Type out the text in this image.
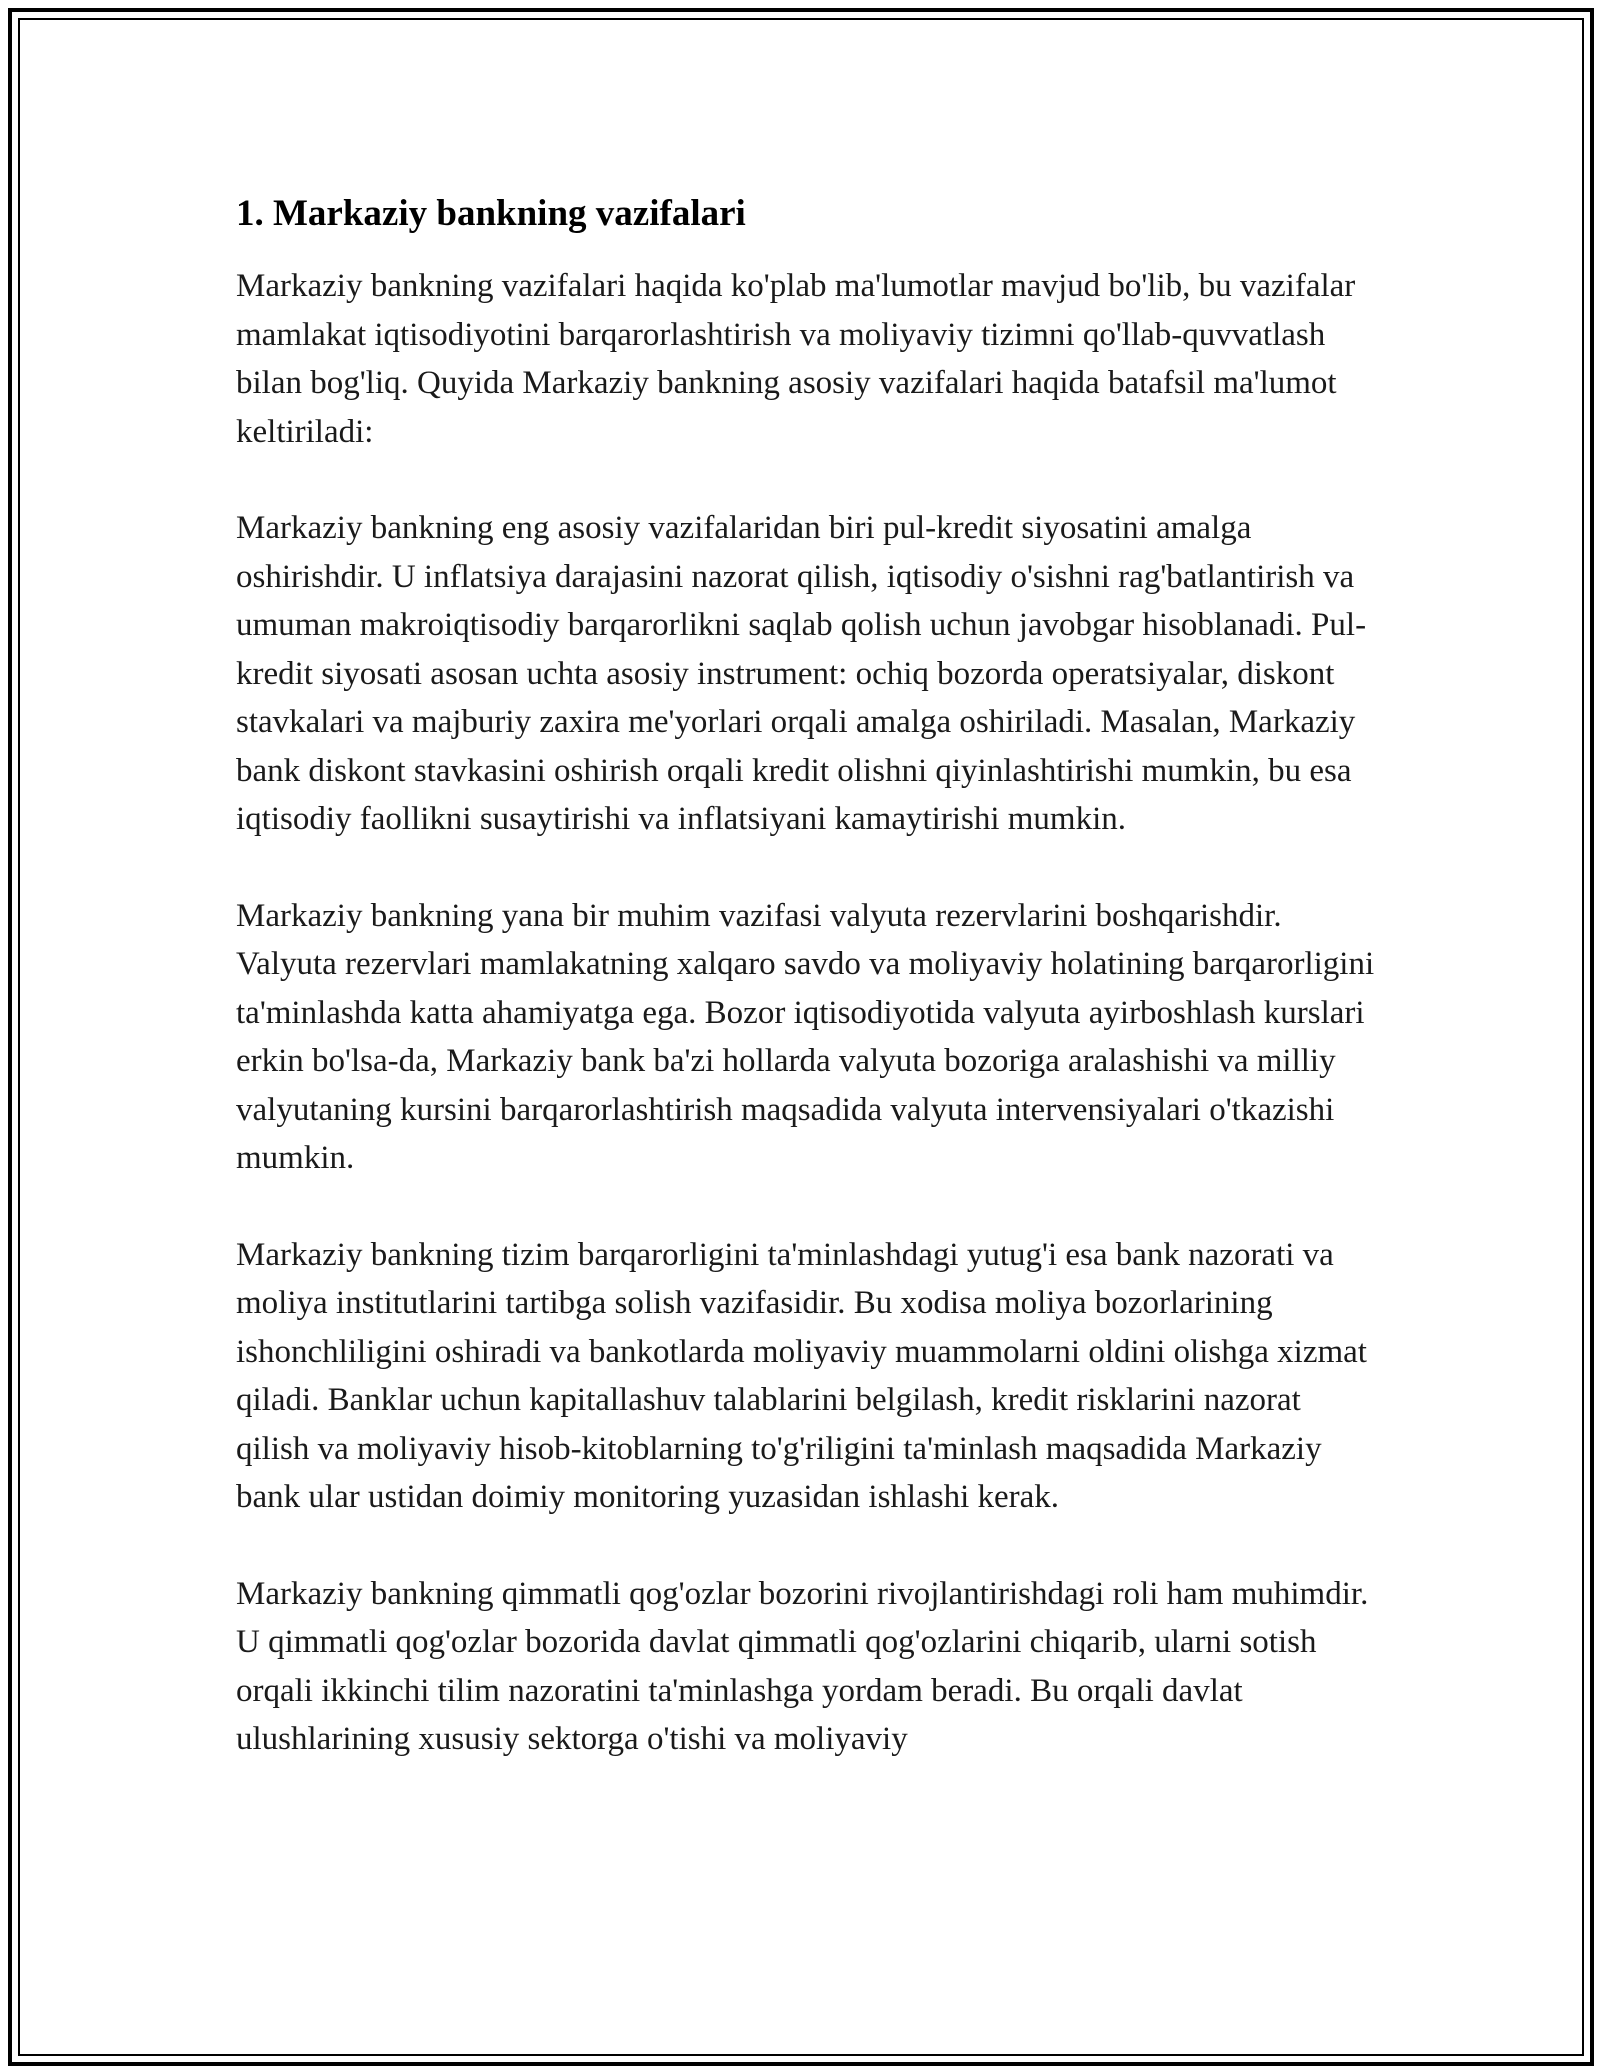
1. Markaziy bankning vazifalari

Markaziy bankning vazifalari haqida ko'plab ma'lumotlar mavjud bo'lib, bu vazifalar mamlakat iqtisodiyotini barqarorlashtirish va moliyaviy tizimni qo'llab-quvvatlash bilan bog'liq. Quyida Markaziy bankning asosiy vazifalari haqida batafsil ma'lumot keltiriladi:

Markaziy bankning eng asosiy vazifalaridan biri pul-kredit siyosatini amalga oshirishdir. U inflatsiya darajasini nazorat qilish, iqtisodiy o'sishni rag'batlantirish va umuman makroiqtisodiy barqarorlikni saqlab qolish uchun javobgar hisoblanadi. Pul-kredit siyosati asosan uchta asosiy instrument: ochiq bozorda operatsiyalar, diskont stavkalari va majburiy zaxira me'yorlari orqali amalga oshiriladi. Masalan, Markaziy bank diskont stavkasini oshirish orqali kredit olishni qiyinlashtirishi mumkin, bu esa iqtisodiy faollikni susaytirishi va inflatsiyani kamaytirishi mumkin.

Markaziy bankning yana bir muhim vazifasi valyuta rezervlarini boshqarishdir. Valyuta rezervlari mamlakatning xalqaro savdo va moliyaviy holatining barqarorligini ta'minlashda katta ahamiyatga ega. Bozor iqtisodiyotida valyuta ayirboshlash kurslari erkin bo'lsa-da, Markaziy bank ba'zi hollarda valyuta bozoriga aralashishi va milliy valyutaning kursini barqarorlashtirish maqsadida valyuta intervensiyalari o'tkazishi mumkin.

Markaziy bankning tizim barqarorligini ta'minlashdagi yutug'i esa bank nazorati va moliya institutlarini tartibga solish vazifasidir. Bu xodisa moliya bozorlarining ishonchliligini oshiradi va bankotlarda moliyaviy muammolarni oldini olishga xizmat qiladi. Banklar uchun kapitallashuv talablarini belgilash, kredit risklarini nazorat qilish va moliyaviy hisob-kitoblarning to'g'riligini ta'minlash maqsadida Markaziy bank ular ustidan doimiy monitoring yuzasidan ishlashi kerak.

Markaziy bankning qimmatli qog'ozlar bozorini rivojlantirishdagi roli ham muhimdir. U qimmatli qog'ozlar bozorida davlat qimmatli qog'ozlarini chiqarib, ularni sotish orqali ikkinchi tilim nazoratini ta'minlashga yordam beradi. Bu orqali davlat ulushlarining xususiy sektorga o'tishi va moliyaviy
